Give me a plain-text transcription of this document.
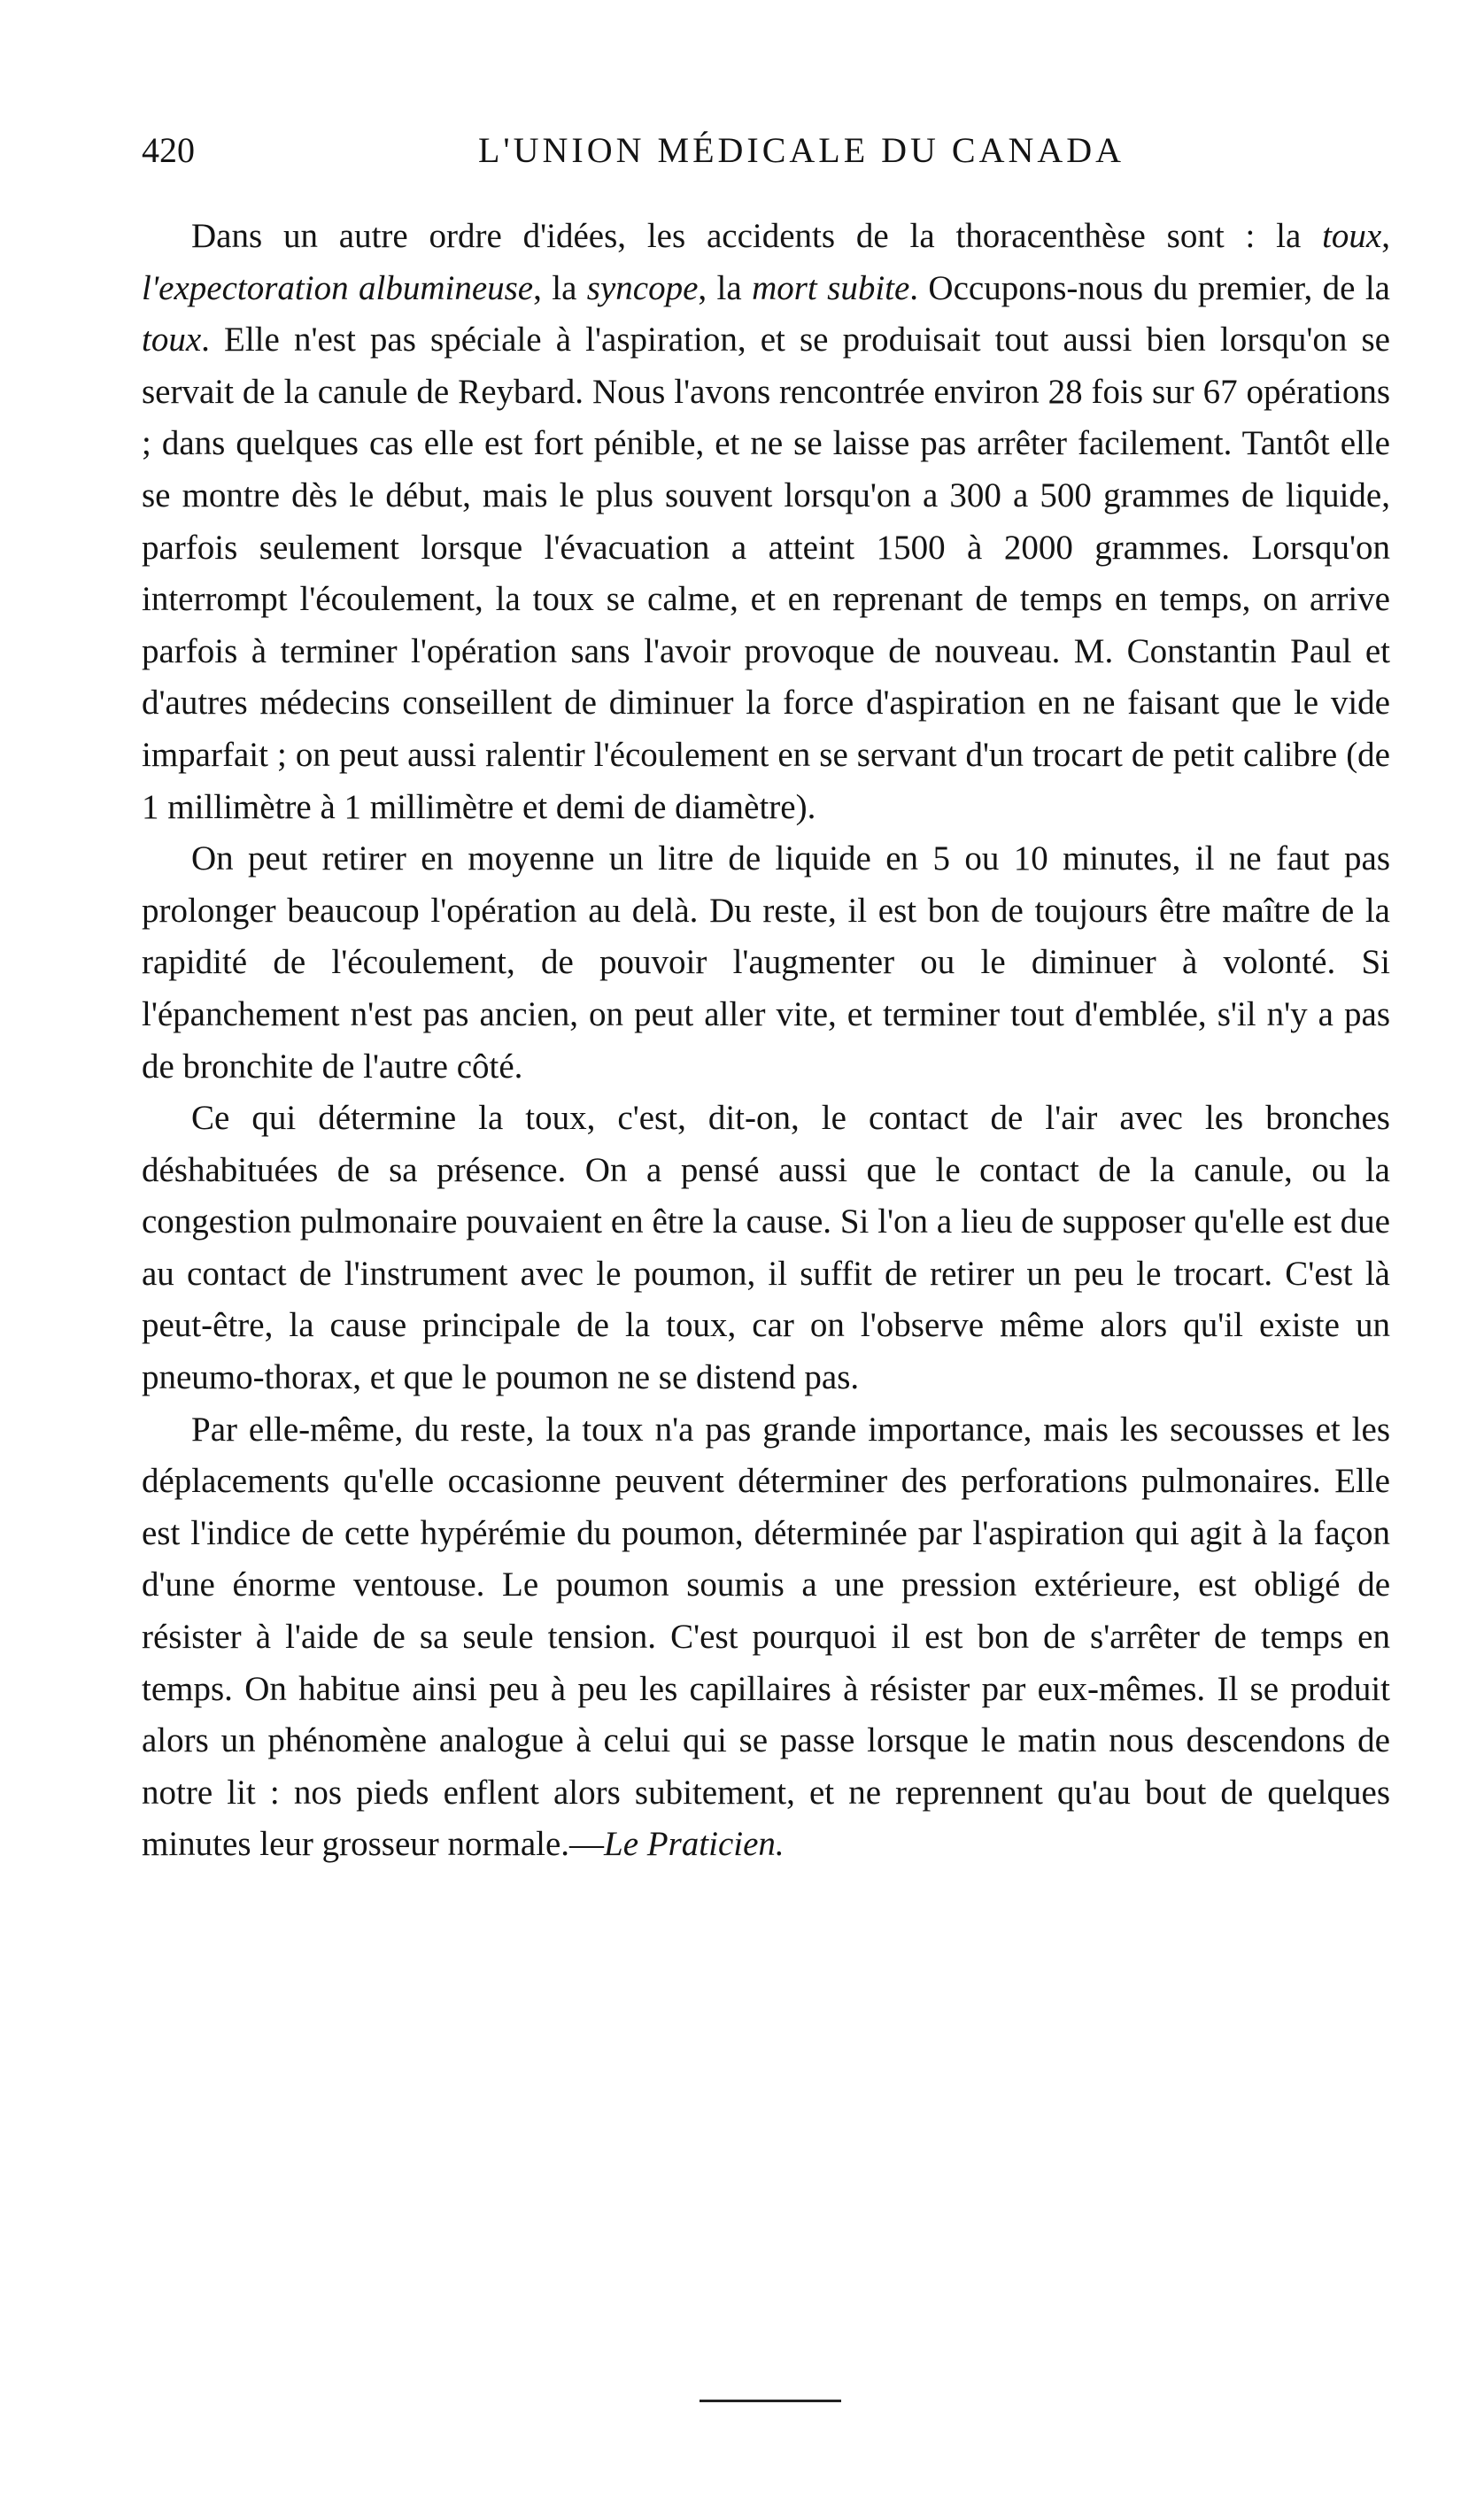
420	L'UNION MÉDICALE DU CANADA

Dans un autre ordre d'idées, les accidents de la thoracenthèse sont : la toux, l'expectoration albumineuse, la syncope, la mort subite. Occupons-nous du premier, de la toux. Elle n'est pas spéciale à l'aspiration, et se produisait tout aussi bien lorsqu'on se servait de la canule de Reybard. Nous l'avons rencontrée environ 28 fois sur 67 opérations ; dans quelques cas elle est fort pénible, et ne se laisse pas arrêter facilement. Tantôt elle se montre dès le début, mais le plus souvent lorsqu'on a 300 a 500 grammes de liquide, parfois seulement lorsque l'évacuation a atteint 1500 à 2000 grammes. Lorsqu'on interrompt l'écoulement, la toux se calme, et en reprenant de temps en temps, on arrive parfois à terminer l'opération sans l'avoir provoque de nouveau. M. Constantin Paul et d'autres médecins conseillent de diminuer la force d'aspiration en ne faisant que le vide imparfait ; on peut aussi ralentir l'écoulement en se servant d'un trocart de petit calibre (de 1 millimètre à 1 millimètre et demi de diamètre).

On peut retirer en moyenne un litre de liquide en 5 ou 10 minutes, il ne faut pas prolonger beaucoup l'opération au delà. Du reste, il est bon de toujours être maître de la rapidité de l'écoulement, de pouvoir l'augmenter ou le diminuer à volonté. Si l'épanchement n'est pas ancien, on peut aller vite, et terminer tout d'emblée, s'il n'y a pas de bronchite de l'autre côté.

Ce qui détermine la toux, c'est, dit-on, le contact de l'air avec les bronches déshabituées de sa présence. On a pensé aussi que le contact de la canule, ou la congestion pulmonaire pouvaient en être la cause. Si l'on a lieu de supposer qu'elle est due au contact de l'instrument avec le poumon, il suffit de retirer un peu le trocart. C'est là peut-être, la cause principale de la toux, car on l'observe même alors qu'il existe un pneumo-thorax, et que le poumon ne se distend pas.

Par elle-même, du reste, la toux n'a pas grande importance, mais les secousses et les déplacements qu'elle occasionne peuvent déterminer des perforations pulmonaires. Elle est l'indice de cette hypérémie du poumon, déterminée par l'aspiration qui agit à la façon d'une énorme ventouse. Le poumon soumis a une pression extérieure, est obligé de résister à l'aide de sa seule tension. C'est pourquoi il est bon de s'arrêter de temps en temps. On habitue ainsi peu à peu les capillaires à résister par eux-mêmes. Il se produit alors un phénomène analogue à celui qui se passe lorsque le matin nous descendons de notre lit : nos pieds enflent alors subitement, et ne reprennent qu'au bout de quelques minutes leur grosseur normale.—Le Praticien.
